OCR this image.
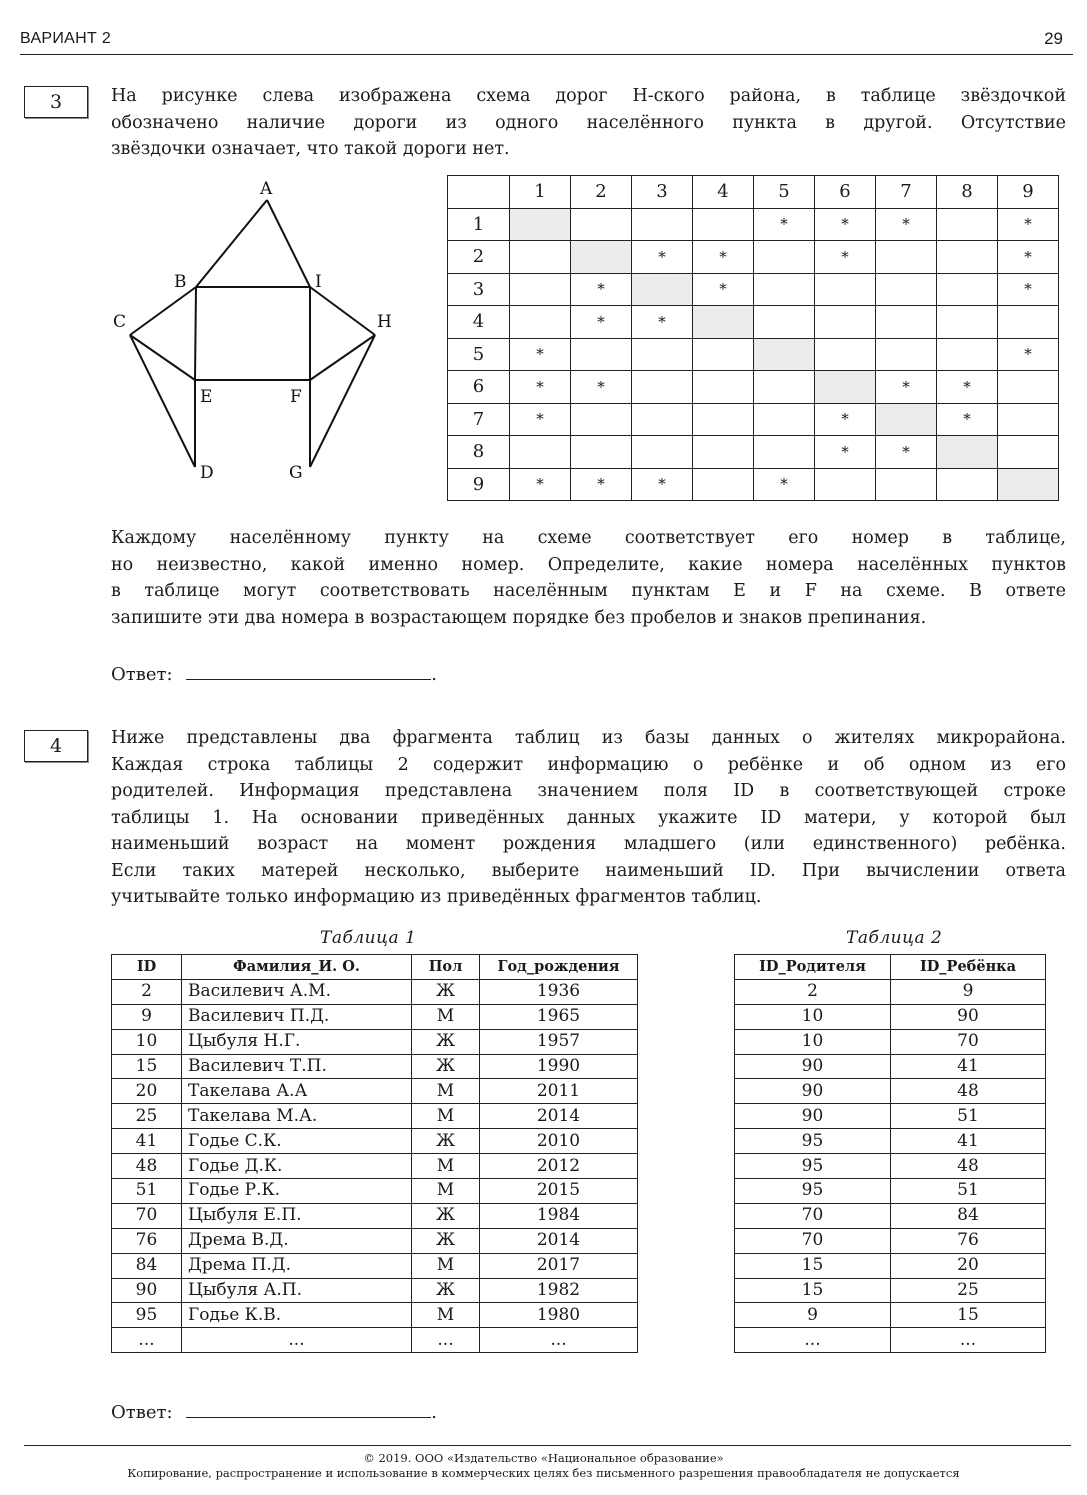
ВАРИАНТ 2	29
3	На рисунке слева изображена схема дорог Н-ского района, в таблице звёздочкой
обозначено наличие дороги из одного населённого пункта в другой. Отсутствие
звёздочки означает, что такой дороги нет.
A
B	I
C	H
E	F
D	G
	1	2	3	4	5	6	7	8	9
1					*	*	*		*
2			*	*		*			*
3		*		*					*
4		*	*						
5	*								*
6	*	*					*	*	
7	*					*		*	
8						*	*		
9	*	*	*		*				
Каждому населённому пункту на схеме соответствует его номер в таблице,
но неизвестно, какой именно номер. Определите, какие номера населённых пунктов
в таблице могут соответствовать населённым пунктам E и F на схеме. В ответе
запишите эти два номера в возрастающем порядке без пробелов и знаков препинания.
Ответ:	.
4	Ниже представлены два фрагмента таблиц из базы данных о жителях микрорайона.
Каждая строка таблицы 2 содержит информацию о ребёнке и об одном из его
родителей. Информация представлена значением поля ID в соответствующей строке
таблицы 1. На основании приведённых данных укажите ID матери, у которой был
наименьший возраст на момент рождения младшего (или единственного) ребёнка.
Если таких матерей несколько, выберите наименьший ID. При вычислении ответа
учитывайте только информацию из приведённых фрагментов таблиц.
Таблица 1
ID	Фамилия_И. О.	Пол	Год_рождения
2	Василевич А.М.	Ж	1936
9	Василевич П.Д.	М	1965
10	Цыбуля Н.Г.	Ж	1957
15	Василевич Т.П.	Ж	1990
20	Такелава А.А	М	2011
25	Такелава М.А.	М	2014
41	Годье С.К.	Ж	2010
48	Годье Д.К.	М	2012
51	Годье Р.К.	М	2015
70	Цыбуля Е.П.	Ж	1984
76	Дрема В.Д.	Ж	2014
84	Дрема П.Д.	М	2017
90	Цыбуля А.П.	Ж	1982
95	Годье К.В.	М	1980
...	...	...	...
Таблица 2
ID_Родителя	ID_Ребёнка
2	9
10	90
10	70
90	41
90	48
90	51
95	41
95	48
95	51
70	84
70	76
15	20
15	25
9	15
...	...
Ответ:	.
© 2019. ООО «Издательство «Национальное образование»
Копирование, распространение и использование в коммерческих целях без письменного разрешения правообладателя не допускается
